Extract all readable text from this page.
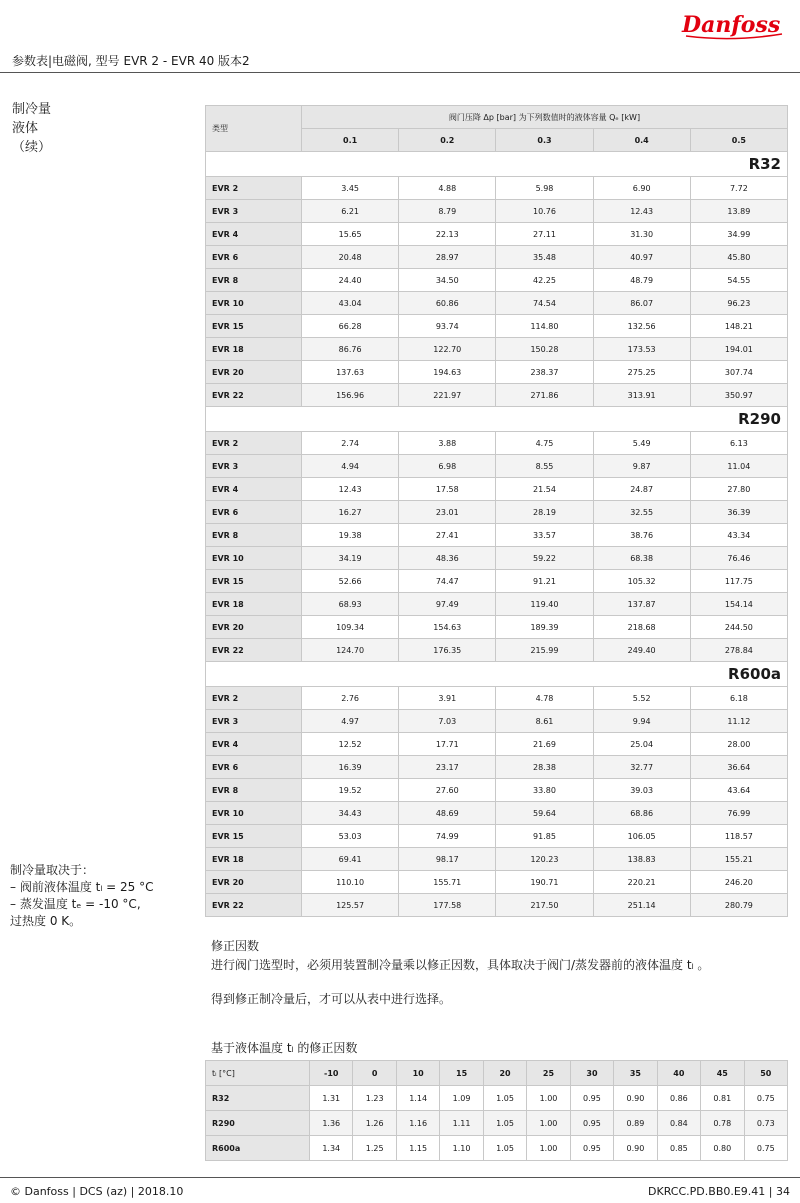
Danfoss
参数表|电磁阀, 型号 EVR 2 - EVR 40 版本2
制冷量
液体
（续）
制冷量取决于：
– 阀前液体温度 tₗ = 25 °C
– 蒸发温度 tₑ = -10 °C,
过热度 0 K。
类型	阀门压降 Δp [bar] 为下列数值时的液体容量 Qₑ [kW]				
	0.1	0.2	0.3	0.4	0.5
R32					
EVR 2	3.45	4.88	5.98	6.90	7.72
EVR 3	6.21	8.79	10.76	12.43	13.89
EVR 4	15.65	22.13	27.11	31.30	34.99
EVR 6	20.48	28.97	35.48	40.97	45.80
EVR 8	24.40	34.50	42.25	48.79	54.55
EVR 10	43.04	60.86	74.54	86.07	96.23
EVR 15	66.28	93.74	114.80	132.56	148.21
EVR 18	86.76	122.70	150.28	173.53	194.01
EVR 20	137.63	194.63	238.37	275.25	307.74
EVR 22	156.96	221.97	271.86	313.91	350.97
R290					
EVR 2	2.74	3.88	4.75	5.49	6.13
EVR 3	4.94	6.98	8.55	9.87	11.04
EVR 4	12.43	17.58	21.54	24.87	27.80
EVR 6	16.27	23.01	28.19	32.55	36.39
EVR 8	19.38	27.41	33.57	38.76	43.34
EVR 10	34.19	48.36	59.22	68.38	76.46
EVR 15	52.66	74.47	91.21	105.32	117.75
EVR 18	68.93	97.49	119.40	137.87	154.14
EVR 20	109.34	154.63	189.39	218.68	244.50
EVR 22	124.70	176.35	215.99	249.40	278.84
R600a					
EVR 2	2.76	3.91	4.78	5.52	6.18
EVR 3	4.97	7.03	8.61	9.94	11.12
EVR 4	12.52	17.71	21.69	25.04	28.00
EVR 6	16.39	23.17	28.38	32.77	36.64
EVR 8	19.52	27.60	33.80	39.03	43.64
EVR 10	34.43	48.69	59.64	68.86	76.99
EVR 15	53.03	74.99	91.85	106.05	118.57
EVR 18	69.41	98.17	120.23	138.83	155.21
EVR 20	110.10	155.71	190.71	220.21	246.20
EVR 22	125.57	177.58	217.50	251.14	280.79
修正因数
进行阀门选型时，必须用装置制冷量乘以修正因数，具体取决于阀门/蒸发器前的液体温度 tₗ 。
得到修正制冷量后，才可以从表中进行选择。
基于液体温度 tₗ 的修正因数
tₗ [°C]	-10	0	10	15	20	25	30	35	40	45	50
R32	1.31	1.23	1.14	1.09	1.05	1.00	0.95	0.90	0.86	0.81	0.75
R290	1.36	1.26	1.16	1.11	1.05	1.00	0.95	0.89	0.84	0.78	0.73
R600a	1.34	1.25	1.15	1.10	1.05	1.00	0.95	0.90	0.85	0.80	0.75
© Danfoss | DCS (az) | 2018.10	DKRCC.PD.BB0.E9.41 | 34
